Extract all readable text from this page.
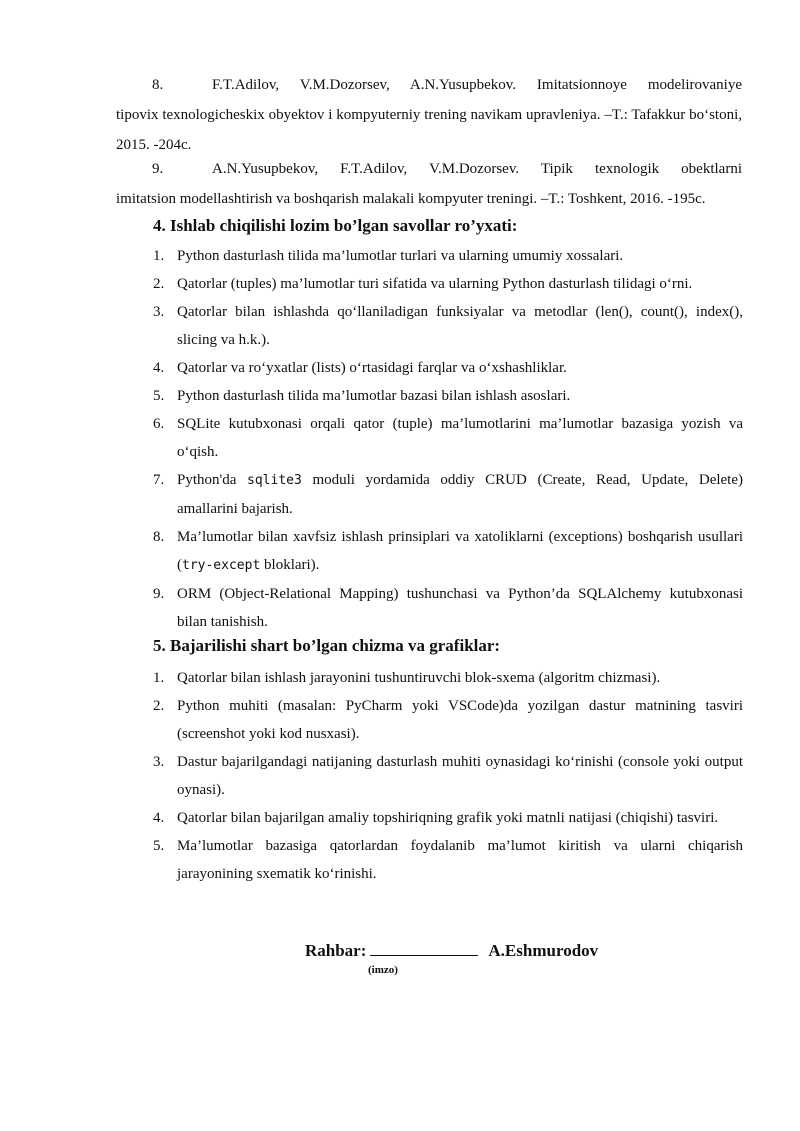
8.	F.T.Adilov, V.M.Dozorsev, A.N.Yusupbekov. Imitatsionnoye modelirovaniye
tipovix texnologicheskix obyektov i kompyuterniy trening navikam upravleniya. –T.: Tafakkur bo‘stoni, 2015. -204c.
9.	A.N.Yusupbekov, F.T.Adilov, V.M.Dozorsev. Tipik texnologik obektlarni
imitatsion modellashtirish va boshqarish malakali kompyuter treningi. –T.: Toshkent, 2016. -195c.
4. Ishlab chiqilishi lozim bo’lgan savollar ro’yxati:
1. Python dasturlash tilida ma’lumotlar turlari va ularning umumiy xossalari.
2. Qatorlar (tuples) ma’lumotlar turi sifatida va ularning Python dasturlash tilidagi o‘rni.
3. Qatorlar bilan ishlashda qo‘llaniladigan funksiyalar va metodlar (len(), count(), index(), slicing va h.k.).
4. Qatorlar va ro‘yxatlar (lists) o‘rtasidagi farqlar va o‘xshashliklar.
5. Python dasturlash tilida ma’lumotlar bazasi bilan ishlash asoslari.
6. SQLite kutubxonasi orqali qator (tuple) ma’lumotlarini ma’lumotlar bazasiga yozish va o‘qish.
7. Python'da sqlite3 moduli yordamida oddiy CRUD (Create, Read, Update, Delete) amallarini bajarish.
8. Ma’lumotlar bilan xavfsiz ishlash prinsiplari va xatoliklarni (exceptions) boshqarish usullari (try-except bloklari).
9. ORM (Object-Relational Mapping) tushunchasi va Python’da SQLAlchemy kutubxonasi bilan tanishish.
5. Bajarilishi shart bo’lgan chizma va grafiklar:
1. Qatorlar bilan ishlash jarayonini tushuntiruvchi blok-sxema (algoritm chizmasi).
2. Python muhiti (masalan: PyCharm yoki VSCode)da yozilgan dastur matnining tasviri (screenshot yoki kod nusxasi).
3. Dastur bajarilgandagi natijaning dasturlash muhiti oynasidagi ko‘rinishi (console yoki output oynasi).
4. Qatorlar bilan bajarilgan amaliy topshiriqning grafik yoki matnli natijasi (chiqishi) tasviri.
5. Ma’lumotlar bazasiga qatorlardan foydalanib ma’lumot kiritish va ularni chiqarish jarayonining sxematik ko‘rinishi.
Rahbar:	A.Eshmurodov
(imzo)
